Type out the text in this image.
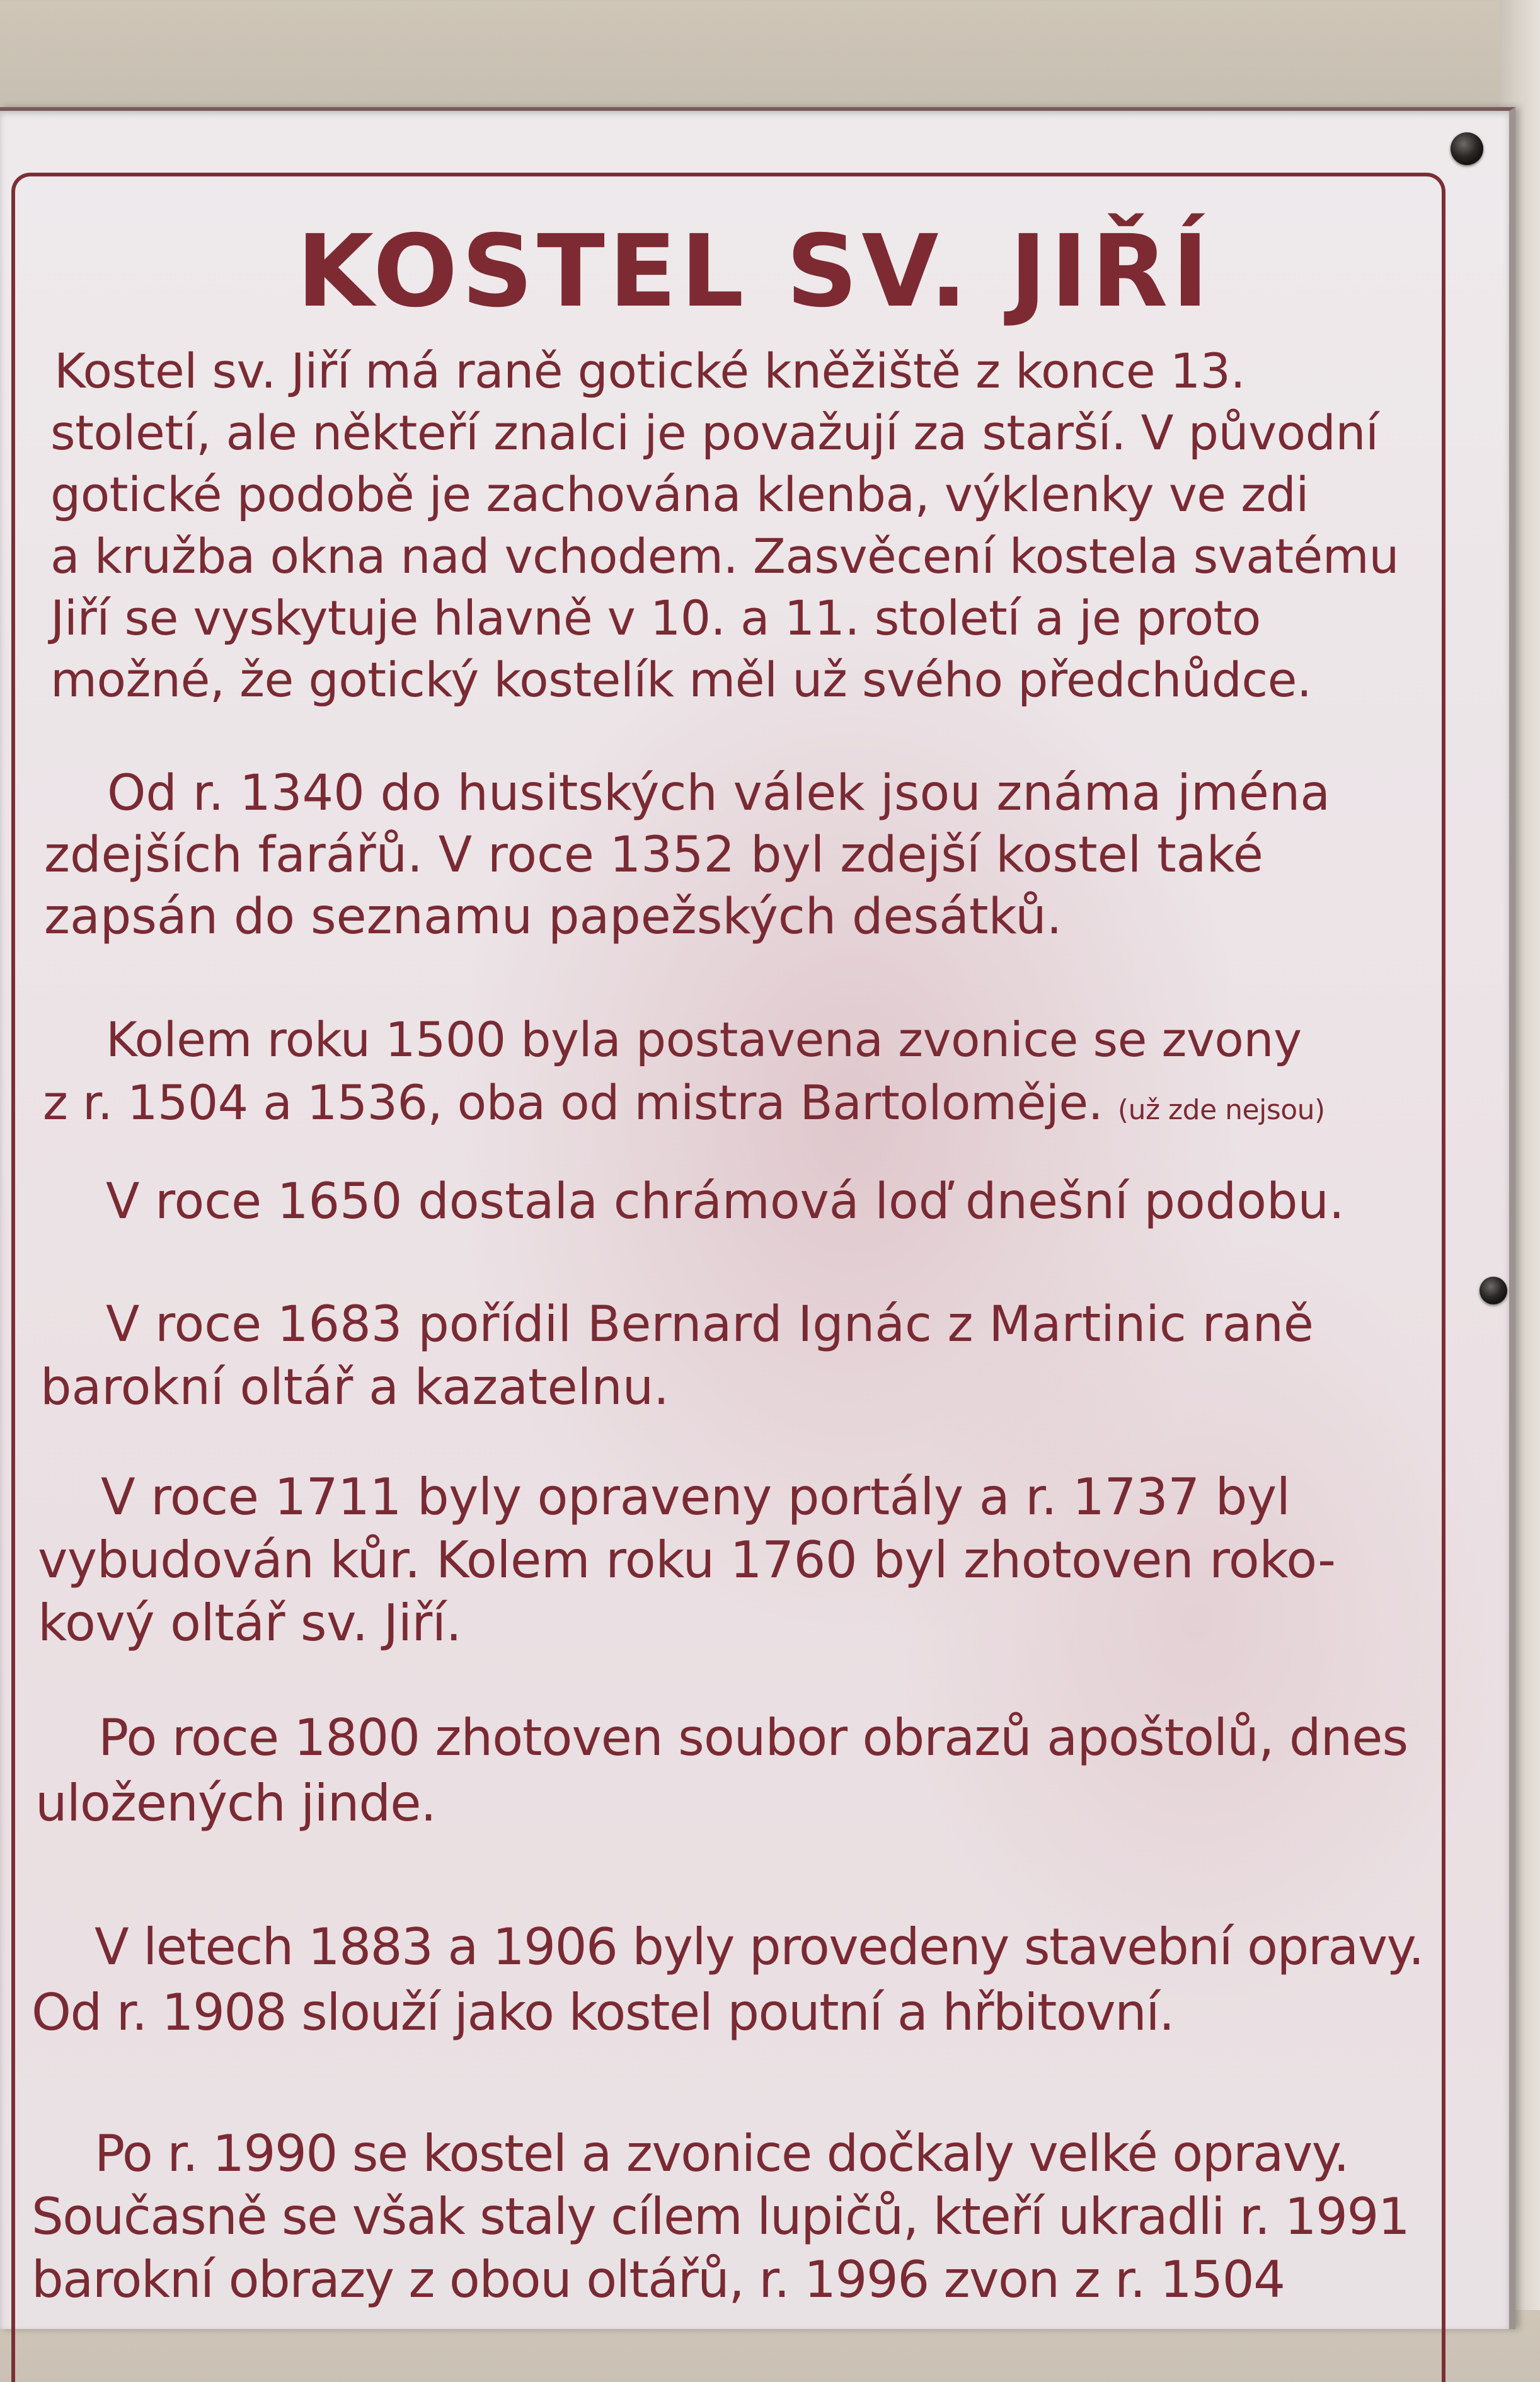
KOSTEL SV. JIŘÍ

Kostel sv. Jiří má raně gotické kněžiště z konce 13.
století, ale někteří znalci je považují za starší. V původní
gotické podobě je zachována klenba, výklenky ve zdi
a kružba okna nad vchodem. Zasvěcení kostela svatému
Jiří se vyskytuje hlavně v 10. a 11. století a je proto
možné, že gotický kostelík měl už svého předchůdce.

Od r. 1340 do husitských válek jsou známa jména
zdejších farářů. V roce 1352 byl zdejší kostel také
zapsán do seznamu papežských desátků.

Kolem roku 1500 byla postavena zvonice se zvony
z r. 1504 a 1536, oba od mistra Bartoloměje. (už zde nejsou)

V roce 1650 dostala chrámová loď dnešní podobu.

V roce 1683 pořídil Bernard Ignác z Martinic raně
barokní oltář a kazatelnu.

V roce 1711 byly opraveny portály a r. 1737 byl
vybudován kůr. Kolem roku 1760 byl zhotoven roko-
kový oltář sv. Jiří.

Po roce 1800 zhotoven soubor obrazů apoštolů, dnes
uložených jinde.

V letech 1883 a 1906 byly provedeny stavební opravy.
Od r. 1908 slouží jako kostel poutní a hřbitovní.

Po r. 1990 se kostel a zvonice dočkaly velké opravy.
Současně se však staly cílem lupičů, kteří ukradli r. 1991
barokní obrazy z obou oltářů, r. 1996 zvon z r. 1504
